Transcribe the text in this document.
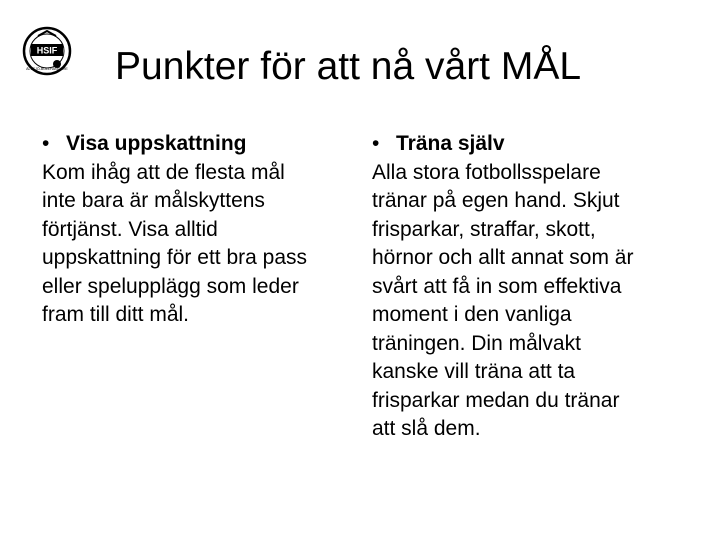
HSIF
ÄLVSJÖ-BOLLHÄNGARE Punkter för att nå vårt MÅL
• Visa uppskattning
Kom ihåg att de flesta mål
inte bara är målskyttens
förtjänst. Visa alltid
uppskattning för ett bra pass
eller spelupplägg som leder
fram till ditt mål.
• Träna själv
Alla stora fotbollsspelare
tränar på egen hand. Skjut
frisparkar, straffar, skott,
hörnor och allt annat som är
svårt att få in som effektiva
moment i den vanliga
träningen. Din målvakt
kanske vill träna att ta
frisparkar medan du tränar
att slå dem.
